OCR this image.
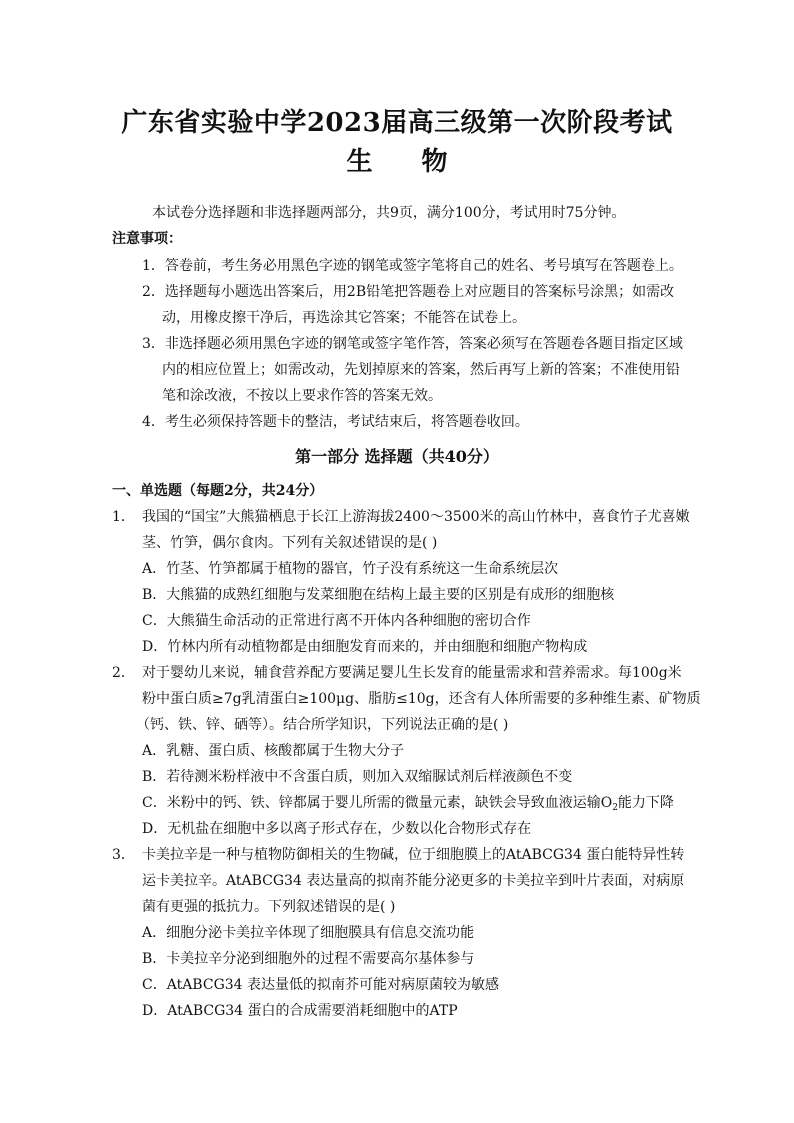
广东省实验中学2023届高三级第一次阶段考试
生 物
本试卷分选择题和非选择题两部分，共9页，满分100分，考试用时75分钟。
注意事项：
1．答卷前，考生务必用黑色字迹的钢笔或签字笔将自己的姓名、考号填写在答题卷上。
2．选择题每小题选出答案后，用2B铅笔把答题卷上对应题目的答案标号涂黑；如需改
动，用橡皮擦干净后，再选涂其它答案；不能答在试卷上。
3．非选择题必须用黑色字迹的钢笔或签字笔作答，答案必须写在答题卷各题目指定区域
内的相应位置上；如需改动，先划掉原来的答案，然后再写上新的答案；不准使用铅
笔和涂改液，不按以上要求作答的答案无效。
4．考生必须保持答题卡的整洁，考试结束后，将答题卷收回。
第一部分 选择题（共40分）
一、单选题（每题2分，共24分）
1． 我国的“国宝”大熊猫栖息于长江上游海拔2400～3500米的高山竹林中，喜食竹子尤喜嫩
茎、竹笋，偶尔食肉。下列有关叙述错误的是( )
A．竹茎、竹笋都属于植物的器官，竹子没有系统这一生命系统层次
B．大熊猫的成熟红细胞与发菜细胞在结构上最主要的区别是有成形的细胞核
C．大熊猫生命活动的正常进行离不开体内各种细胞的密切合作
D．竹林内所有动植物都是由细胞发育而来的，并由细胞和细胞产物构成
2． 对于婴幼儿来说，辅食营养配方要满足婴儿生长发育的能量需求和营养需求。每100g米
粉中蛋白质≥7g乳清蛋白≥100μg、脂肪≤10g，还含有人体所需要的多种维生素、矿物质
（钙、铁、锌、硒等）。结合所学知识，下列说法正确的是( )
A．乳糖、蛋白质、核酸都属于生物大分子
B．若待测米粉样液中不含蛋白质，则加入双缩脲试剂后样液颜色不变
C．米粉中的钙、铁、锌都属于婴儿所需的微量元素，缺铁会导致血液运输$O_2$能力下降
D．无机盐在细胞中多以离子形式存在，少数以化合物形式存在
3． 卡美拉辛是一种与植物防御相关的生物碱，位于细胞膜上的AtABCG34 蛋白能特异性转
运卡美拉辛。AtABCG34 表达量高的拟南芥能分泌更多的卡美拉辛到叶片表面，对病原
菌有更强的抵抗力。下列叙述错误的是( )
A．细胞分泌卡美拉辛体现了细胞膜具有信息交流功能
B．卡美拉辛分泌到细胞外的过程不需要高尔基体参与
C．AtABCG34 表达量低的拟南芥可能对病原菌较为敏感
D．AtABCG34 蛋白的合成需要消耗细胞中的ATP
